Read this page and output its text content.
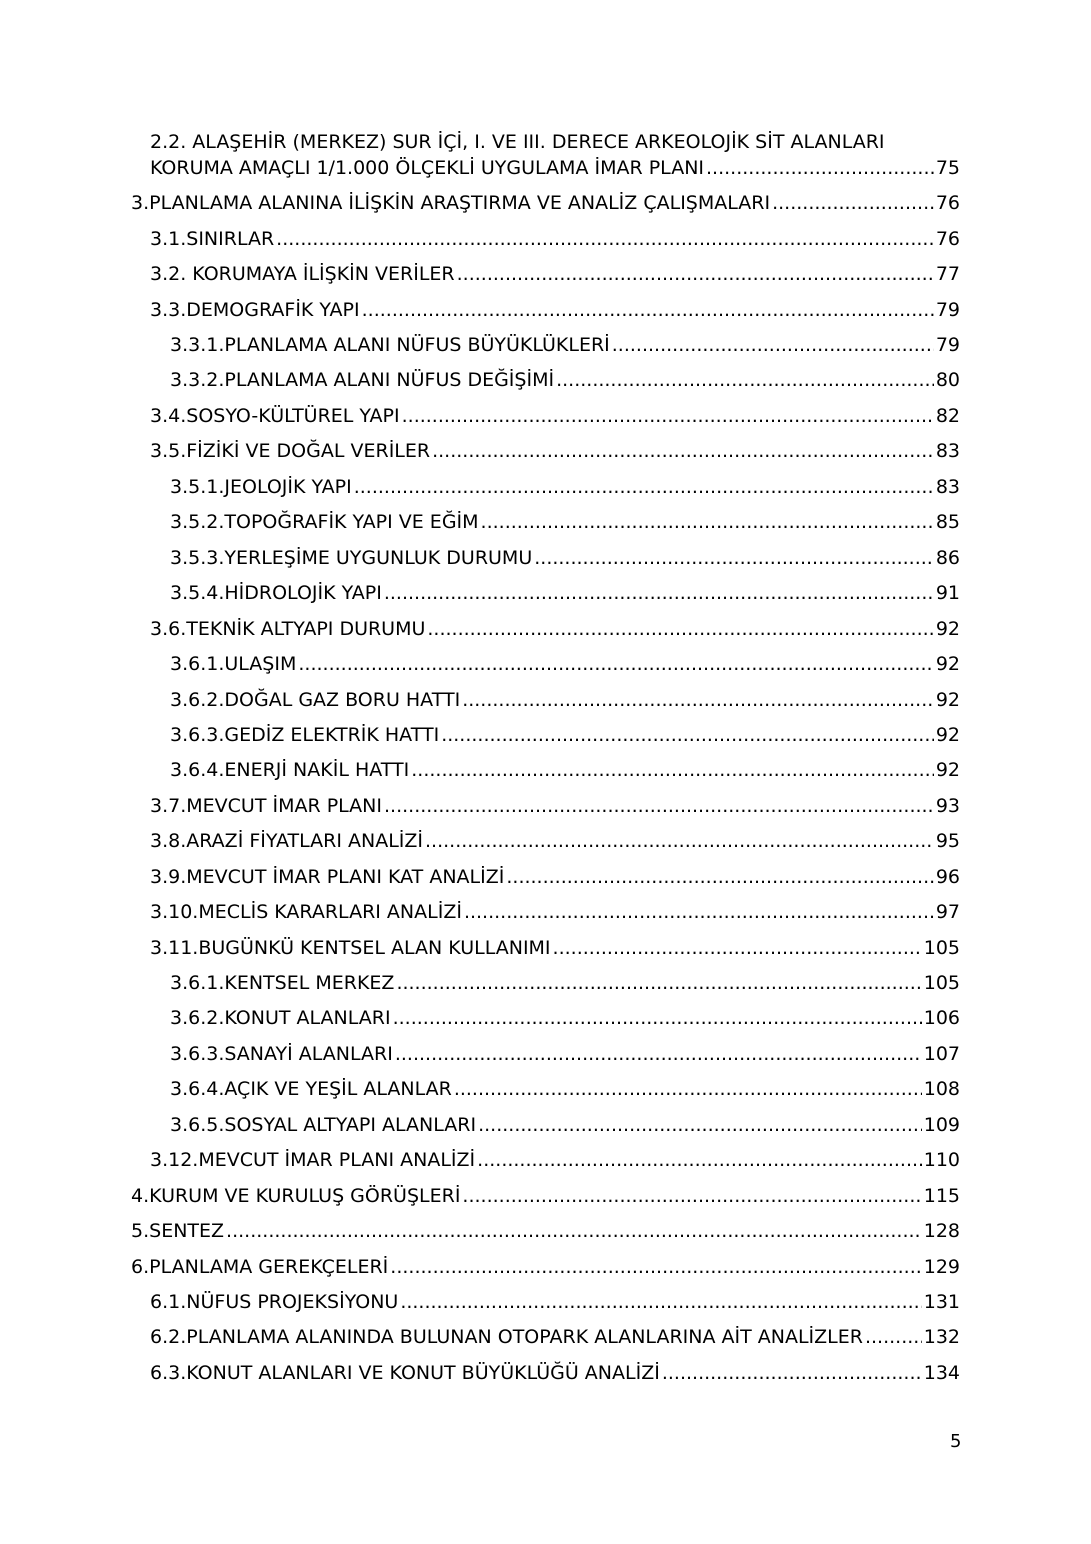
2.2. ALAŞEHİR (MERKEZ) SUR İÇİ, I. VE III. DERECE ARKEOLOJİK SİT ALANLARI
KORUMA AMAÇLI 1/1.000 ÖLÇEKLİ UYGULAMA İMAR PLANI .....	75
3.PLANLAMA ALANINA İLİŞKİN ARAŞTIRMA VE ANALİZ ÇALIŞMALARI .....	76
3.1.SINIRLAR .....	76
3.2. KORUMAYA İLİŞKİN VERİLER .....	77
3.3.DEMOGRAFİK YAPI .....	79
3.3.1.PLANLAMA ALANI NÜFUS BÜYÜKLÜKLERİ .....	79
3.3.2.PLANLAMA ALANI NÜFUS DEĞİŞİMİ .....	80
3.4.SOSYO-KÜLTÜREL YAPI .....	82
3.5.FİZİKİ VE DOĞAL VERİLER .....	83
3.5.1.JEOLOJİK YAPI .....	83
3.5.2.TOPOĞRAFİK YAPI VE EĞİM .....	85
3.5.3.YERLEŞİME UYGUNLUK DURUMU .....	86
3.5.4.HİDROLOJİK YAPI .....	91
3.6.TEKNİK ALTYAPI DURUMU .....	92
3.6.1.ULAŞIM .....	92
3.6.2.DOĞAL GAZ BORU HATTI .....	92
3.6.3.GEDİZ ELEKTRİK HATTI .....	92
3.6.4.ENERJİ NAKİL HATTI .....	92
3.7.MEVCUT İMAR PLANI .....	93
3.8.ARAZİ FİYATLARI ANALİZİ .....	95
3.9.MEVCUT İMAR PLANI KAT ANALİZİ .....	96
3.10.MECLİS KARARLARI ANALİZİ .....	97
3.11.BUGÜNKÜ KENTSEL ALAN KULLANIMI .....	105
3.6.1.KENTSEL MERKEZ .....	105
3.6.2.KONUT ALANLARI .....	106
3.6.3.SANAYİ ALANLARI .....	107
3.6.4.AÇIK VE YEŞİL ALANLAR .....	108
3.6.5.SOSYAL ALTYAPI ALANLARI .....	109
3.12.MEVCUT İMAR PLANI ANALİZİ .....	110
4.KURUM VE KURULUŞ GÖRÜŞLERİ .....	115
5.SENTEZ .....	128
6.PLANLAMA GEREKÇELERİ .....	129
6.1. NÜFUS PROJEKSİYONU .....	131
6.2. PLANLAMA ALANINDA BULUNAN OTOPARK ALANLARINA AİT ANALİZLER .....	132
6.3. KONUT ALANLARI VE KONUT BÜYÜKLÜĞÜ ANALİZİ .....	134
5
